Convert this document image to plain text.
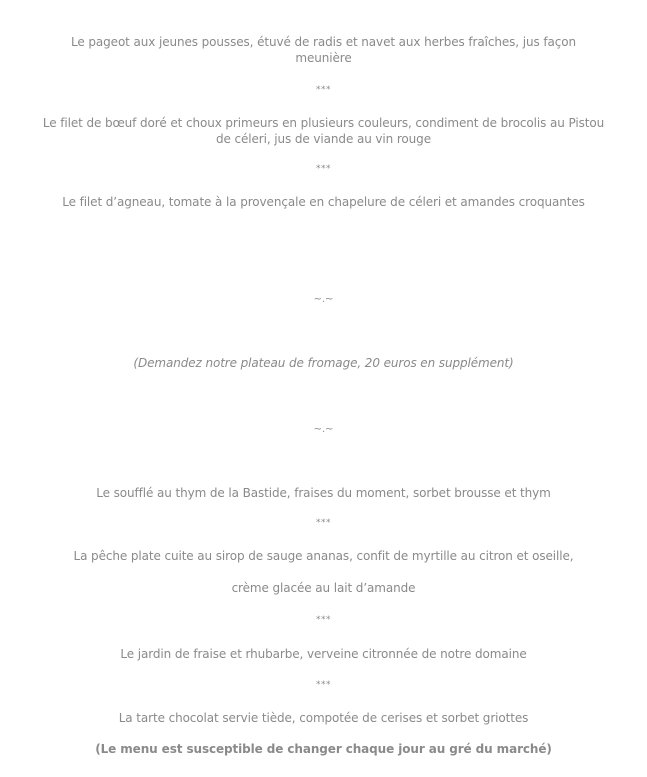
Le pageot aux jeunes pousses, étuvé de radis et navet aux herbes fraîches, jus façon
meunière
***
Le filet de bœuf doré et choux primeurs en plusieurs couleurs, condiment de brocolis au Pistou
de céleri, jus de viande au vin rouge
***
Le filet d’agneau, tomate à la provençale en chapelure de céleri et amandes croquantes
~.~
(Demandez notre plateau de fromage, 20 euros en supplément)
~.~
Le soufflé au thym de la Bastide, fraises du moment, sorbet brousse et thym
***
La pêche plate cuite au sirop de sauge ananas, confit de myrtille au citron et oseille,
crème glacée au lait d’amande
***
Le jardin de fraise et rhubarbe, verveine citronnée de notre domaine
***
La tarte chocolat servie tiède, compotée de cerises et sorbet griottes
(Le menu est susceptible de changer chaque jour au gré du marché)
